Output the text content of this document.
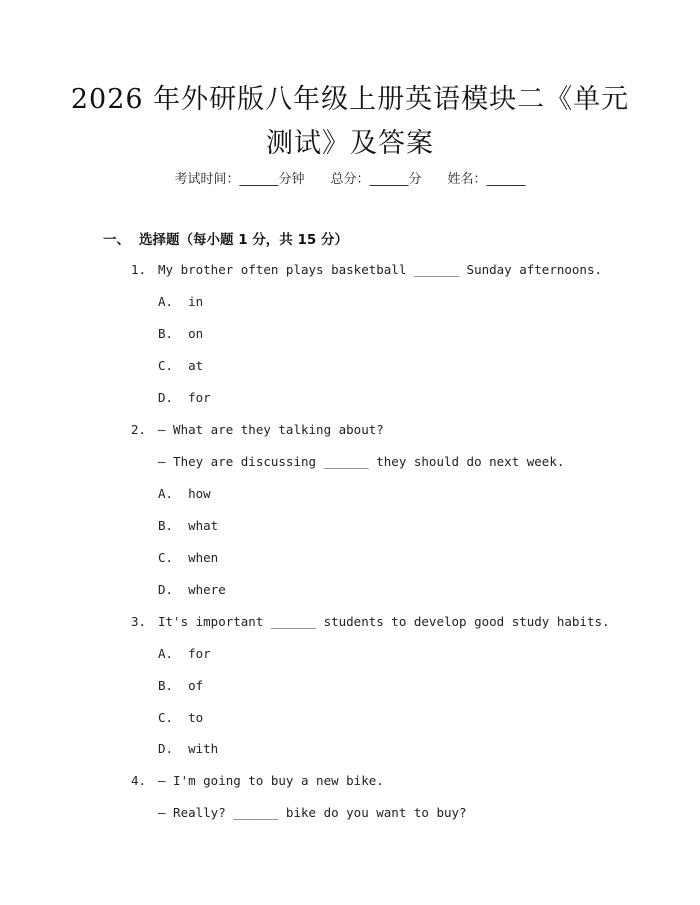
2026 年外研版八年级上册英语模块二《单元
测试》及答案
考试时间：______分钟 总分：______分 姓名：______
一、 选择题（每小题 1 分，共 15 分）
1. My brother often plays basketball ______ Sunday afternoons.
A.  in
B.  on
C.  at
D.  for
2. — What are they talking about?
— They are discussing ______ they should do next week.
A.  how
B.  what
C.  when
D.  where
3. It's important ______ students to develop good study habits.
A.  for
B.  of
C.  to
D.  with
4. — I'm going to buy a new bike.
— Really? ______ bike do you want to buy?
